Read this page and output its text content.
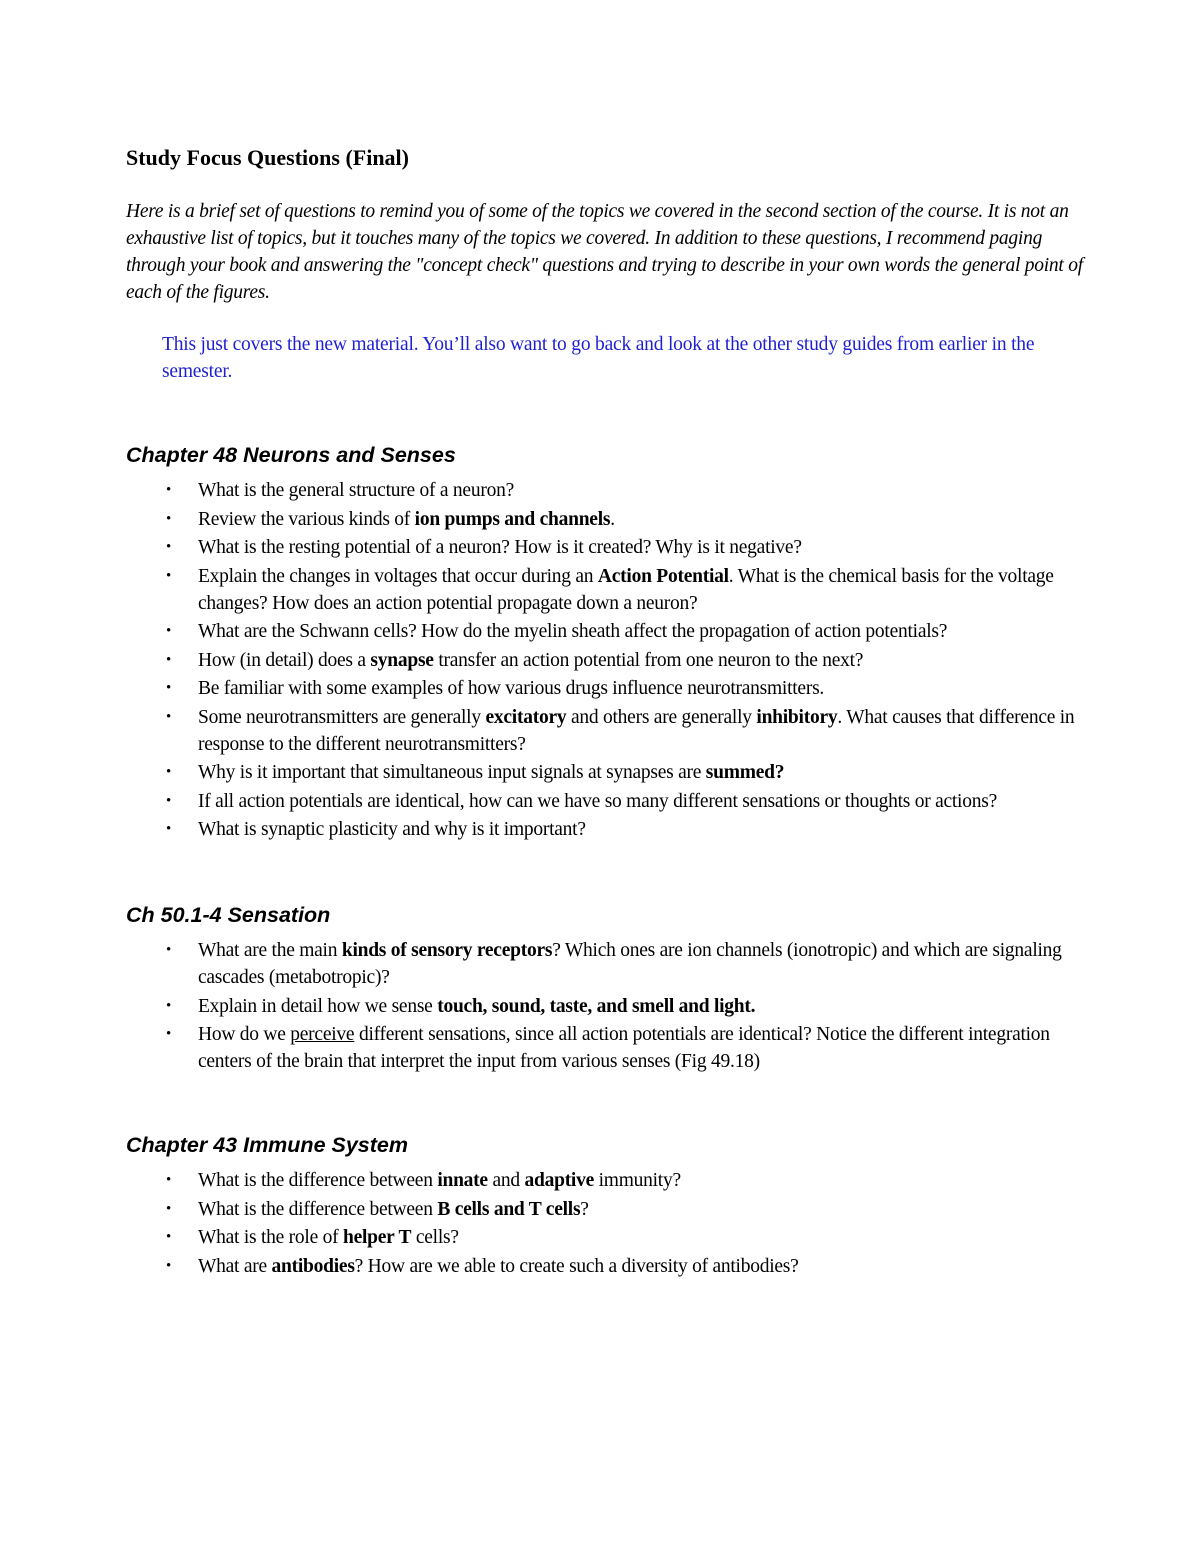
Study Focus Questions (Final)

Here is a brief set of questions to remind you of some of the topics we covered in the second section of the course. It is not an exhaustive list of topics, but it touches many of the topics we covered. In addition to these questions, I recommend paging through your book and answering the "concept check" questions and trying to describe in your own words the general point of each of the figures.

This just covers the new material. You’ll also want to go back and look at the other study guides from earlier in the semester.

Chapter 48 Neurons and Senses
• What is the general structure of a neuron?
• Review the various kinds of ion pumps and channels.
• What is the resting potential of a neuron? How is it created? Why is it negative?
• Explain the changes in voltages that occur during an Action Potential. What is the chemical basis for the voltage changes? How does an action potential propagate down a neuron?
• What are the Schwann cells? How do the myelin sheath affect the propagation of action potentials?
• How (in detail) does a synapse transfer an action potential from one neuron to the next?
• Be familiar with some examples of how various drugs influence neurotransmitters.
• Some neurotransmitters are generally excitatory and others are generally inhibitory. What causes that difference in response to the different neurotransmitters?
• Why is it important that simultaneous input signals at synapses are summed?
• If all action potentials are identical, how can we have so many different sensations or thoughts or actions?
• What is synaptic plasticity and why is it important?
Ch 50.1-4 Sensation
• What are the main kinds of sensory receptors? Which ones are ion channels (ionotropic) and which are signaling cascades (metabotropic)?
• Explain in detail how we sense touch, sound, taste, and smell and light.
• How do we perceive different sensations, since all action potentials are identical? Notice the different integration centers of the brain that interpret the input from various senses (Fig 49.18)
Chapter 43 Immune System
• What is the difference between innate and adaptive immunity?
• What is the difference between B cells and T cells?
• What is the role of helper T cells?
• What are antibodies? How are we able to create such a diversity of antibodies?
